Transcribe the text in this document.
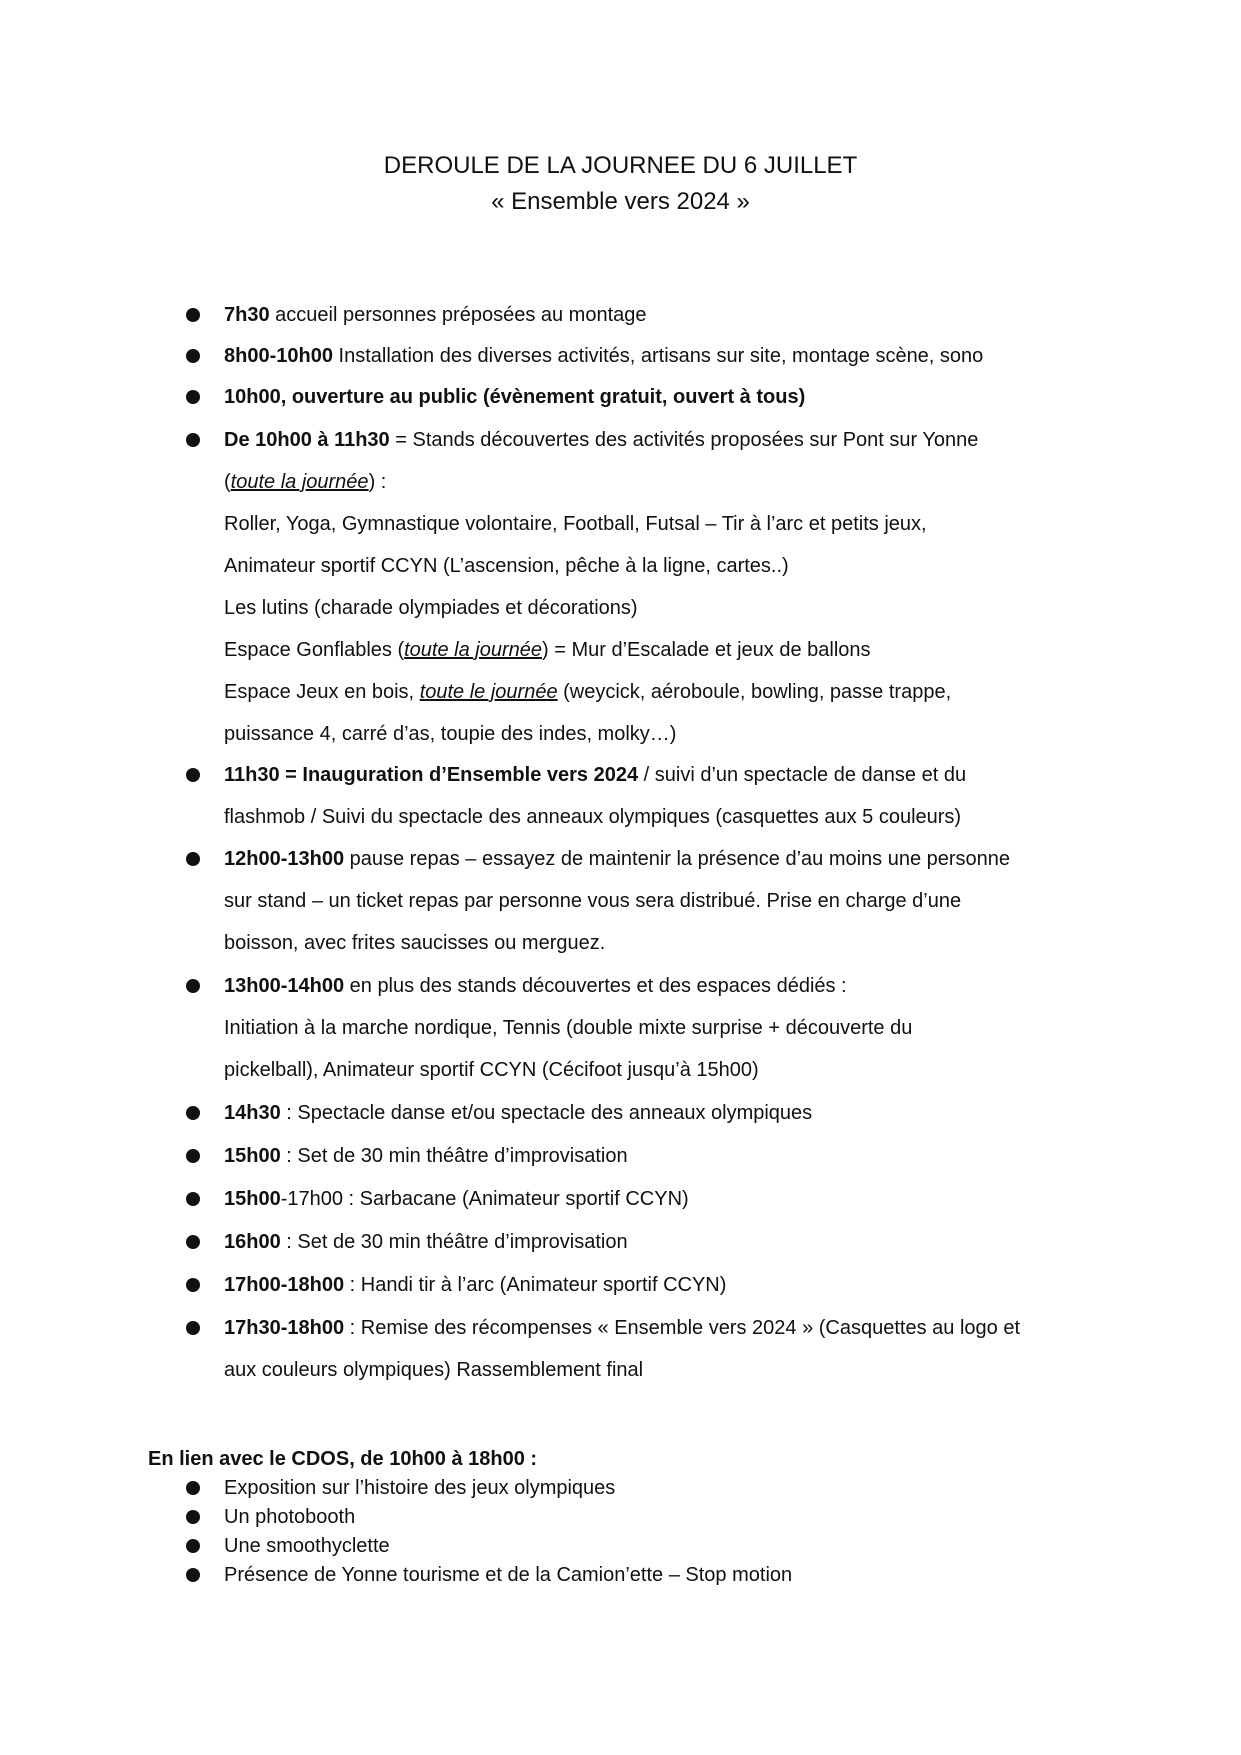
DEROULE DE LA JOURNEE DU 6 JUILLET
« Ensemble vers 2024 »
7h30 accueil personnes préposées au montage
8h00-10h00 Installation des diverses activités, artisans sur site, montage scène, sono
10h00, ouverture au public (évènement gratuit, ouvert à tous)
De 10h00 à 11h30 = Stands découvertes des activités proposées sur Pont sur Yonne
(toute la journée) :
Roller, Yoga, Gymnastique volontaire, Football, Futsal – Tir à l’arc et petits jeux,
Animateur sportif CCYN (L’ascension, pêche à la ligne, cartes..)
Les lutins (charade olympiades et décorations)
Espace Gonflables (toute la journée) = Mur d’Escalade et jeux de ballons
Espace Jeux en bois, toute le journée (weycick, aéroboule, bowling, passe trappe,
puissance 4, carré d’as, toupie des indes, molky…)
11h30 = Inauguration d’Ensemble vers 2024 / suivi d’un spectacle de danse et du
flashmob / Suivi du spectacle des anneaux olympiques (casquettes aux 5 couleurs)
12h00-13h00 pause repas – essayez de maintenir la présence d’au moins une personne
sur stand – un ticket repas par personne vous sera distribué. Prise en charge d’une
boisson, avec frites saucisses ou merguez.
13h00-14h00 en plus des stands découvertes et des espaces dédiés :
Initiation à la marche nordique, Tennis (double mixte surprise + découverte du
pickelball), Animateur sportif CCYN (Cécifoot jusqu’à 15h00)
14h30 : Spectacle danse et/ou spectacle des anneaux olympiques
15h00 : Set de 30 min théâtre d’improvisation
15h00-17h00 : Sarbacane (Animateur sportif CCYN)
16h00 : Set de 30 min théâtre d’improvisation
17h00-18h00 : Handi tir à l’arc (Animateur sportif CCYN)
17h30-18h00 : Remise des récompenses « Ensemble vers 2024 » (Casquettes au logo et
aux couleurs olympiques) Rassemblement final
En lien avec le CDOS, de 10h00 à 18h00 :
Exposition sur l’histoire des jeux olympiques
Un photobooth
Une smoothyclette
Présence de Yonne tourisme et de la Camion’ette – Stop motion
